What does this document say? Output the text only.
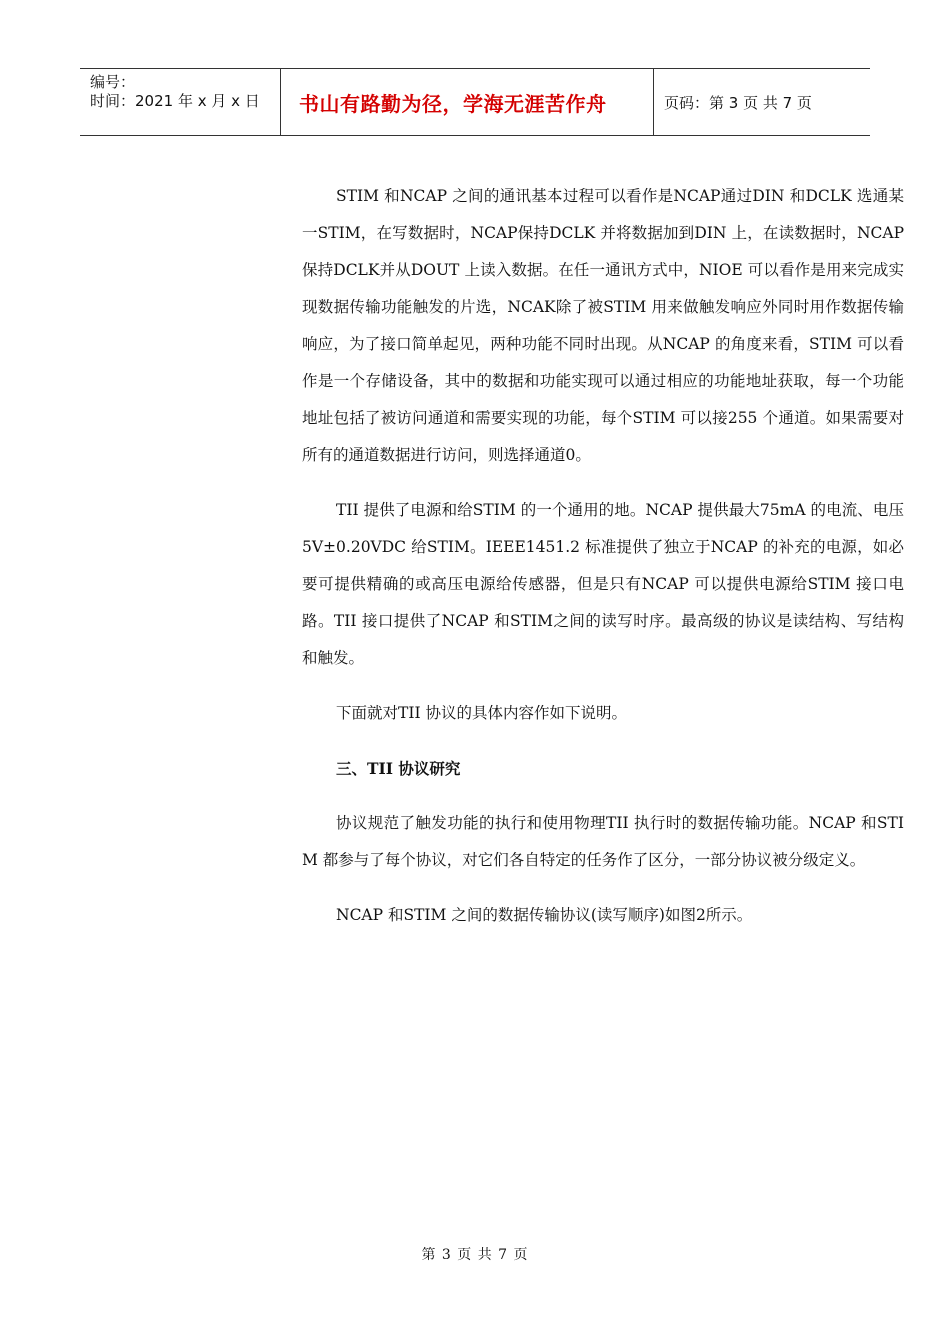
编号：
时间：2021 年 x 月 x 日	书山有路勤为径，学海无涯苦作舟	页码：第 3 页 共 7 页

STIM 和NCAP 之间的通讯基本过程可以看作是NCAP通过DIN 和DCLK 选通某一STIM，在写数据时，NCAP保持DCLK 并将数据加到DIN 上，在读数据时，NCAP 保持DCLK并从DOUT 上读入数据。在任一通讯方式中，NIOE 可以看作是用来完成实现数据传输功能触发的片选，NCAK除了被STIM 用来做触发响应外同时用作数据传输响应，为了接口简单起见，两种功能不同时出现。从NCAP 的角度来看，STIM 可以看作是一个存储设备，其中的数据和功能实现可以通过相应的功能地址获取，每一个功能地址包括了被访问通道和需要实现的功能，每个STIM 可以接255 个通道。如果需要对所有的通道数据进行访问，则选择通道0。

TII 提供了电源和给STIM 的一个通用的地。NCAP 提供最大75mA 的电流、电压5V±0.20VDC 给STIM。IEEE1451.2 标准提供了独立于NCAP 的补充的电源，如必要可提供精确的或高压电源给传感器，但是只有NCAP 可以提供电源给STIM 接口电路。TII 接口提供了NCAP 和STIM之间的读写时序。最高级的协议是读结构、写结构和触发。

下面就对TII 协议的具体内容作如下说明。

三、TII 协议研究

协议规范了触发功能的执行和使用物理TII 执行时的数据传输功能。NCAP 和STIM 都参与了每个协议，对它们各自特定的任务作了区分，一部分协议被分级定义。

NCAP 和STIM 之间的数据传输协议(读写顺序)如图2所示。

第 3 页 共 7 页
